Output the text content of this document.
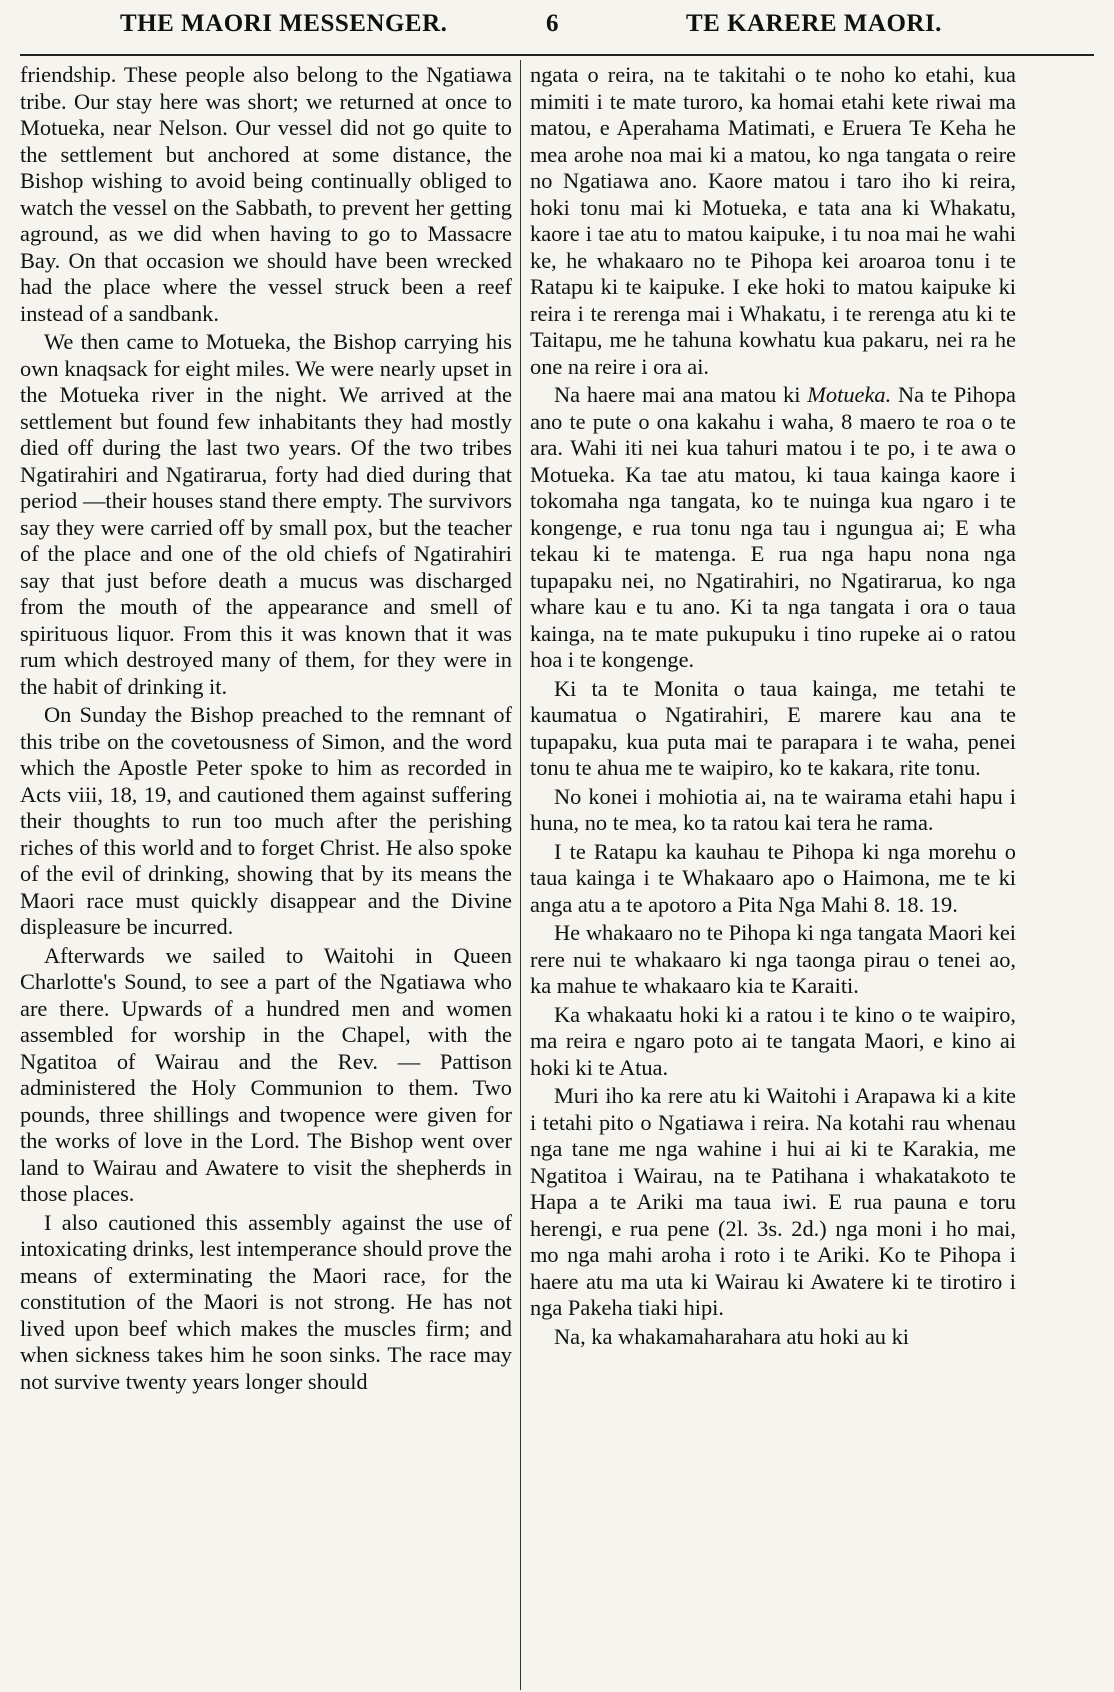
THE MAORI MESSENGER.	6	TE KARERE MAORI.

friendship. These people also belong to the Ngatiawa tribe. Our stay here was short; we returned at once to Motueka, near Nelson. Our vessel did not go quite to the settlement but anchored at some distance, the Bishop wishing to avoid being continually obliged to watch the vessel on the Sabbath, to prevent her getting aground, as we did when having to go to Massacre Bay. On that occasion we should have been wrecked had the place where the vessel struck been a reef instead of a sandbank.

We then came to Motueka, the Bishop carrying his own knaqsack for eight miles. We were nearly upset in the Motueka river in the night. We arrived at the settlement but found few inhabitants they had mostly died off during the last two years. Of the two tribes Ngatirahiri and Ngatirarua, forty had died during that period —their houses stand there empty. The survivors say they were carried off by small pox, but the teacher of the place and one of the old chiefs of Ngatirahiri say that just before death a mucus was discharged from the mouth of the appearance and smell of spirituous liquor. From this it was known that it was rum which destroyed many of them, for they were in the habit of drinking it.

On Sunday the Bishop preached to the remnant of this tribe on the covetousness of Simon, and the word which the Apostle Peter spoke to him as recorded in Acts viii, 18, 19, and cautioned them against suffering their thoughts to run too much after the perishing riches of this world and to forget Christ. He also spoke of the evil of drinking, showing that by its means the Maori race must quickly disappear and the Divine displeasure be incurred.

Afterwards we sailed to Waitohi in Queen Charlotte's Sound, to see a part of the Ngatiawa who are there. Upwards of a hundred men and women assembled for worship in the Chapel, with the Ngatitoa of Wairau and the Rev. — Pattison administered the Holy Communion to them. Two pounds, three shillings and twopence were given for the works of love in the Lord. The Bishop went over land to Wairau and Awatere to visit the shepherds in those places.

I also cautioned this assembly against the use of intoxicating drinks, lest intemperance should prove the means of exterminating the Maori race, for the constitution of the Maori is not strong. He has not lived upon beef which makes the muscles firm; and when sickness takes him he soon sinks. The race may not survive twenty years longer should

ngata o reira, na te takitahi o te noho ko etahi, kua mimiti i te mate turoro, ka homai etahi kete riwai ma matou, e Aperahama Matimati, e Eruera Te Keha he mea arohe noa mai ki a matou, ko nga tangata o reire no Ngatiawa ano. Kaore matou i taro iho ki reira, hoki tonu mai ki Motueka, e tata ana ki Whakatu, kaore i tae atu to matou kaipuke, i tu noa mai he wahi ke, he whakaaro no te Pihopa kei aroaroa tonu i te Ratapu ki te kaipuke. I eke hoki to matou kaipuke ki reira i te rerenga mai i Whakatu, i te rerenga atu ki te Taitapu, me he tahuna kowhatu kua pakaru, nei ra he one na reire i ora ai.

Na haere mai ana matou ki Motueka. Na te Pihopa ano te pute o ona kakahu i waha, 8 maero te roa o te ara. Wahi iti nei kua tahuri matou i te po, i te awa o Motueka. Ka tae atu matou, ki taua kainga kaore i tokomaha nga tangata, ko te nuinga kua ngaro i te kongenge, e rua tonu nga tau i ngungua ai; E wha tekau ki te matenga. E rua nga hapu nona nga tupapaku nei, no Ngatirahiri, no Ngatirarua, ko nga whare kau e tu ano. Ki ta nga tangata i ora o taua kainga, na te mate pukupuku i tino rupeke ai o ratou hoa i te kongenge.

Ki ta te Monita o taua kainga, me tetahi te kaumatua o Ngatirahiri, E marere kau ana te tupapaku, kua puta mai te parapara i te waha, penei tonu te ahua me te waipiro, ko te kakara, rite tonu.

No konei i mohiotia ai, na te wairama etahi hapu i huna, no te mea, ko ta ratou kai tera he rama.

I te Ratapu ka kauhau te Pihopa ki nga morehu o taua kainga i te Whakaaro apo o Haimona, me te ki anga atu a te apotoro a Pita Nga Mahi 8. 18. 19.

He whakaaro no te Pihopa ki nga tangata Maori kei rere nui te whakaaro ki nga taonga pirau o tenei ao, ka mahue te whakaaro kia te Karaiti.

Ka whakaatu hoki ki a ratou i te kino o te waipiro, ma reira e ngaro poto ai te tangata Maori, e kino ai hoki ki te Atua.

Muri iho ka rere atu ki Waitohi i Arapawa ki a kite i tetahi pito o Ngatiawa i reira. Na kotahi rau whenau nga tane me nga wahine i hui ai ki te Karakia, me Ngatitoa i Wairau, na te Patihana i whakatakoto te Hapa a te Ariki ma taua iwi. E rua pauna e toru herengi, e rua pene (2l. 3s. 2d.) nga moni i ho mai, mo nga mahi aroha i roto i te Ariki. Ko te Pihopa i haere atu ma uta ki Wairau ki Awatere ki te tirotiro i nga Pakeha tiaki hipi.

Na, ka whakamaharahara atu hoki au ki
